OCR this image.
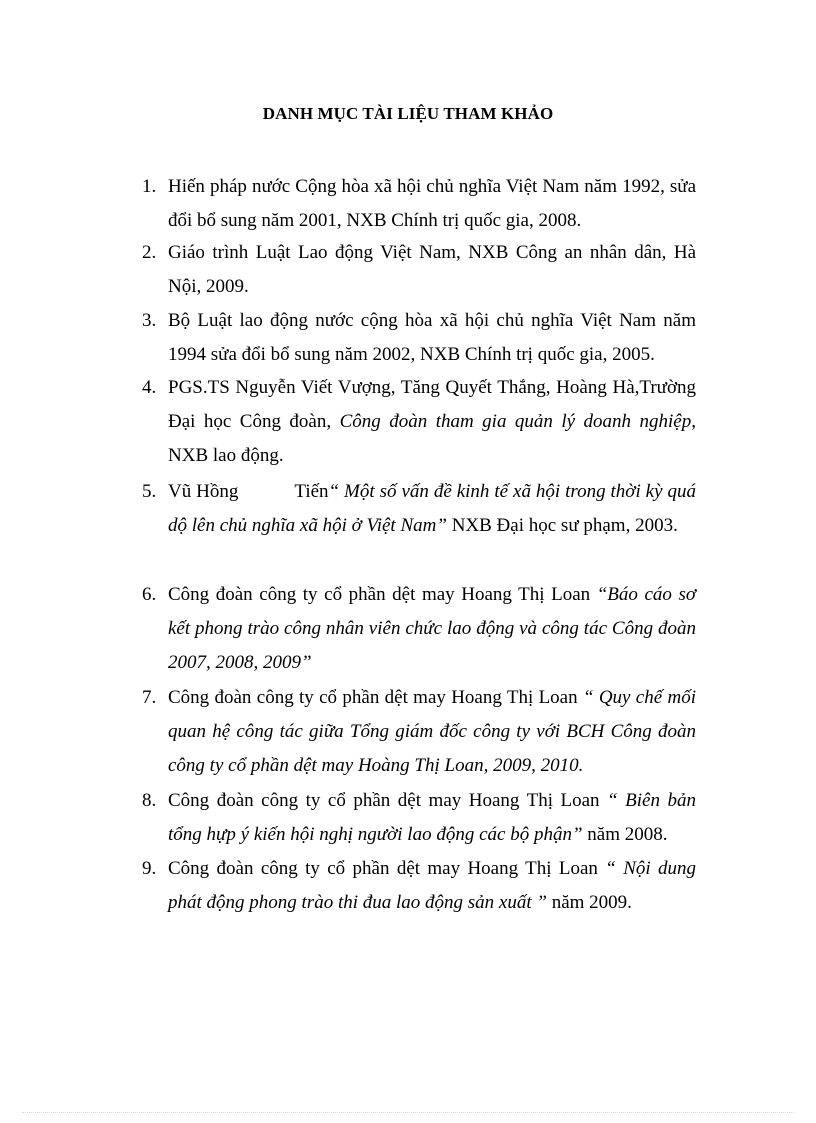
DANH MỤC TÀI LIỆU THAM KHẢO
1. Hiến pháp nước Cộng hòa xã hội chủ nghĩa Việt Nam năm 1992, sửa đổi bổ sung năm 2001, NXB Chính trị quốc gia, 2008.
2. Giáo trình Luật Lao động Việt Nam, NXB Công an nhân dân, Hà Nội, 2009.
3. Bộ Luật lao động nước cộng hòa xã hội chủ nghĩa Việt Nam năm 1994 sửa đổi bổ sung năm 2002, NXB Chính trị quốc gia, 2005.
4. PGS.TS Nguyễn Viết Vượng, Tăng Quyết Thắng, Hoàng Hà,Trường Đại học Công đoàn, Công đoàn tham gia quản lý doanh nghiệp, NXB lao động.
5. Vũ Hồng	Tiến“ Một số vấn đề kinh tế xã hội trong thời kỳ quá dộ lên chủ nghĩa xã hội ở Việt Nam” NXB Đại học sư phạm, 2003.
6. Công đoàn công ty cổ phần dệt may Hoang Thị Loan “Báo cáo sơ kết phong trào công nhân viên chức lao động và công tác Công đoàn 2007, 2008, 2009”
7. Công đoàn công ty cổ phần dệt may Hoang Thị Loan “ Quy chế mối quan hệ công tác giữa Tổng giám đốc công ty với BCH Công đoàn công ty cổ phần dệt may Hoàng Thị Loan, 2009, 2010.
8. Công đoàn công ty cổ phần dệt may Hoang Thị Loan “ Biên bản tổng hựp ý kiến hội nghị người lao động các bộ phận” năm 2008.
9. Công đoàn công ty cổ phần dệt may Hoang Thị Loan “ Nội dung phát động phong trào thi đua lao động sản xuất ” năm 2009.
